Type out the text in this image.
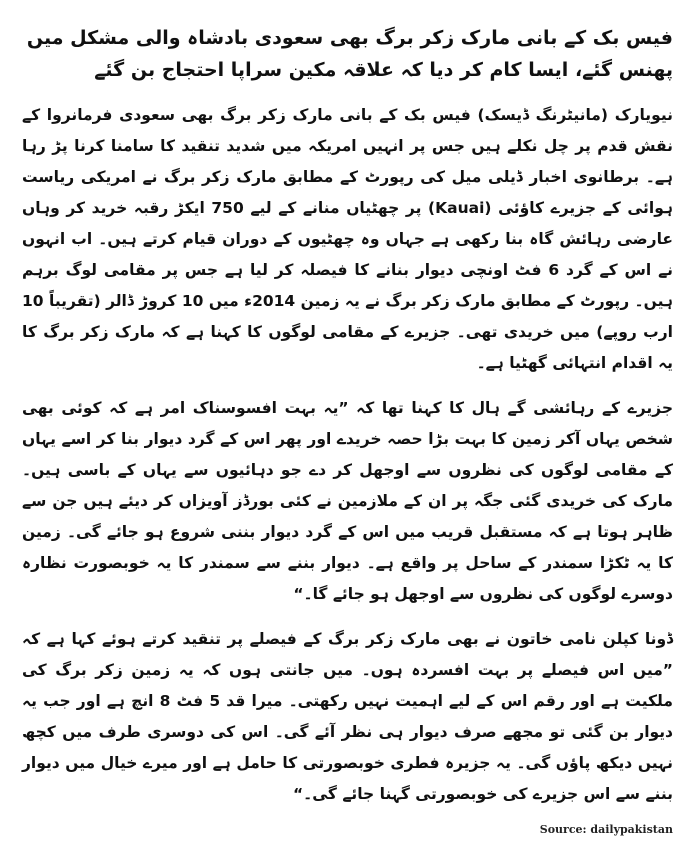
فیس بک کے بانی مارک زکر برگ بھی سعودی بادشاہ والی مشکل میں پھنس گئے، ایسا کام کر دیا کہ علاقہ مکین سراپا احتجاج بن گئے

نیویارک (مانیٹرنگ ڈیسک) فیس بک کے بانی مارک زکر برگ بھی سعودی فرمانروا کے نقش قدم پر چل نکلے ہیں جس پر انہیں امریکہ میں شدید تنقید کا سامنا کرنا پڑ رہا ہے۔ برطانوی اخبار ڈیلی میل کی رپورٹ کے مطابق مارک زکر برگ نے امریکی ریاست ہوائی کے جزیرے کاؤئی (Kauai) پر چھٹیاں منانے کے لیے 750 ایکڑ رقبہ خرید کر وہاں عارضی رہائش گاہ بنا رکھی ہے جہاں وہ چھٹیوں کے دوران قیام کرتے ہیں۔ اب انہوں نے اس کے گرد 6 فٹ اونچی دیوار بنانے کا فیصلہ کر لیا ہے جس پر مقامی لوگ برہم ہیں۔ رپورٹ کے مطابق مارک زکر برگ نے یہ زمین 2014ء میں 10 کروڑ ڈالر (تقریباً 10 ارب روپے) میں خریدی تھی۔ جزیرے کے مقامی لوگوں کا کہنا ہے کہ مارک زکر برگ کا یہ اقدام انتہائی گھٹیا ہے۔

جزیرے کے رہائشی گے ہال کا کہنا تھا کہ ”یہ بہت افسوسناک امر ہے کہ کوئی بھی شخص یہاں آکر زمین کا بہت بڑا حصہ خریدے اور پھر اس کے گرد دیوار بنا کر اسے یہاں کے مقامی لوگوں کی نظروں سے اوجھل کر دے جو دہائیوں سے یہاں کے باسی ہیں۔ مارک کی خریدی گئی جگہ پر ان کے ملازمین نے کئی بورڈز آویزاں کر دیئے ہیں جن سے ظاہر ہوتا ہے کہ مستقبل قریب میں اس کے گرد دیوار بننی شروع ہو جائے گی۔ زمین کا یہ ٹکڑا سمندر کے ساحل پر واقع ہے۔ دیوار بننے سے سمندر کا یہ خوبصورت نظارہ دوسرے لوگوں کی نظروں سے اوجھل ہو جائے گا۔“

ڈونا کپلن نامی خاتون نے بھی مارک زکر برگ کے فیصلے پر تنقید کرتے ہوئے کہا ہے کہ ”میں اس فیصلے پر بہت افسردہ ہوں۔ میں جانتی ہوں کہ یہ زمین زکر برگ کی ملکیت ہے اور رقم اس کے لیے اہمیت نہیں رکھتی۔ میرا قد 5 فٹ 8 انچ ہے اور جب یہ دیوار بن گئی تو مجھے صرف دیوار ہی نظر آئے گی۔ اس کی دوسری طرف میں کچھ نہیں دیکھ پاؤں گی۔ یہ جزیرہ فطری خوبصورتی کا حامل ہے اور میرے خیال میں دیوار بننے سے اس جزیرے کی خوبصورتی گہنا جائے گی۔“

Source: dailypakistan
